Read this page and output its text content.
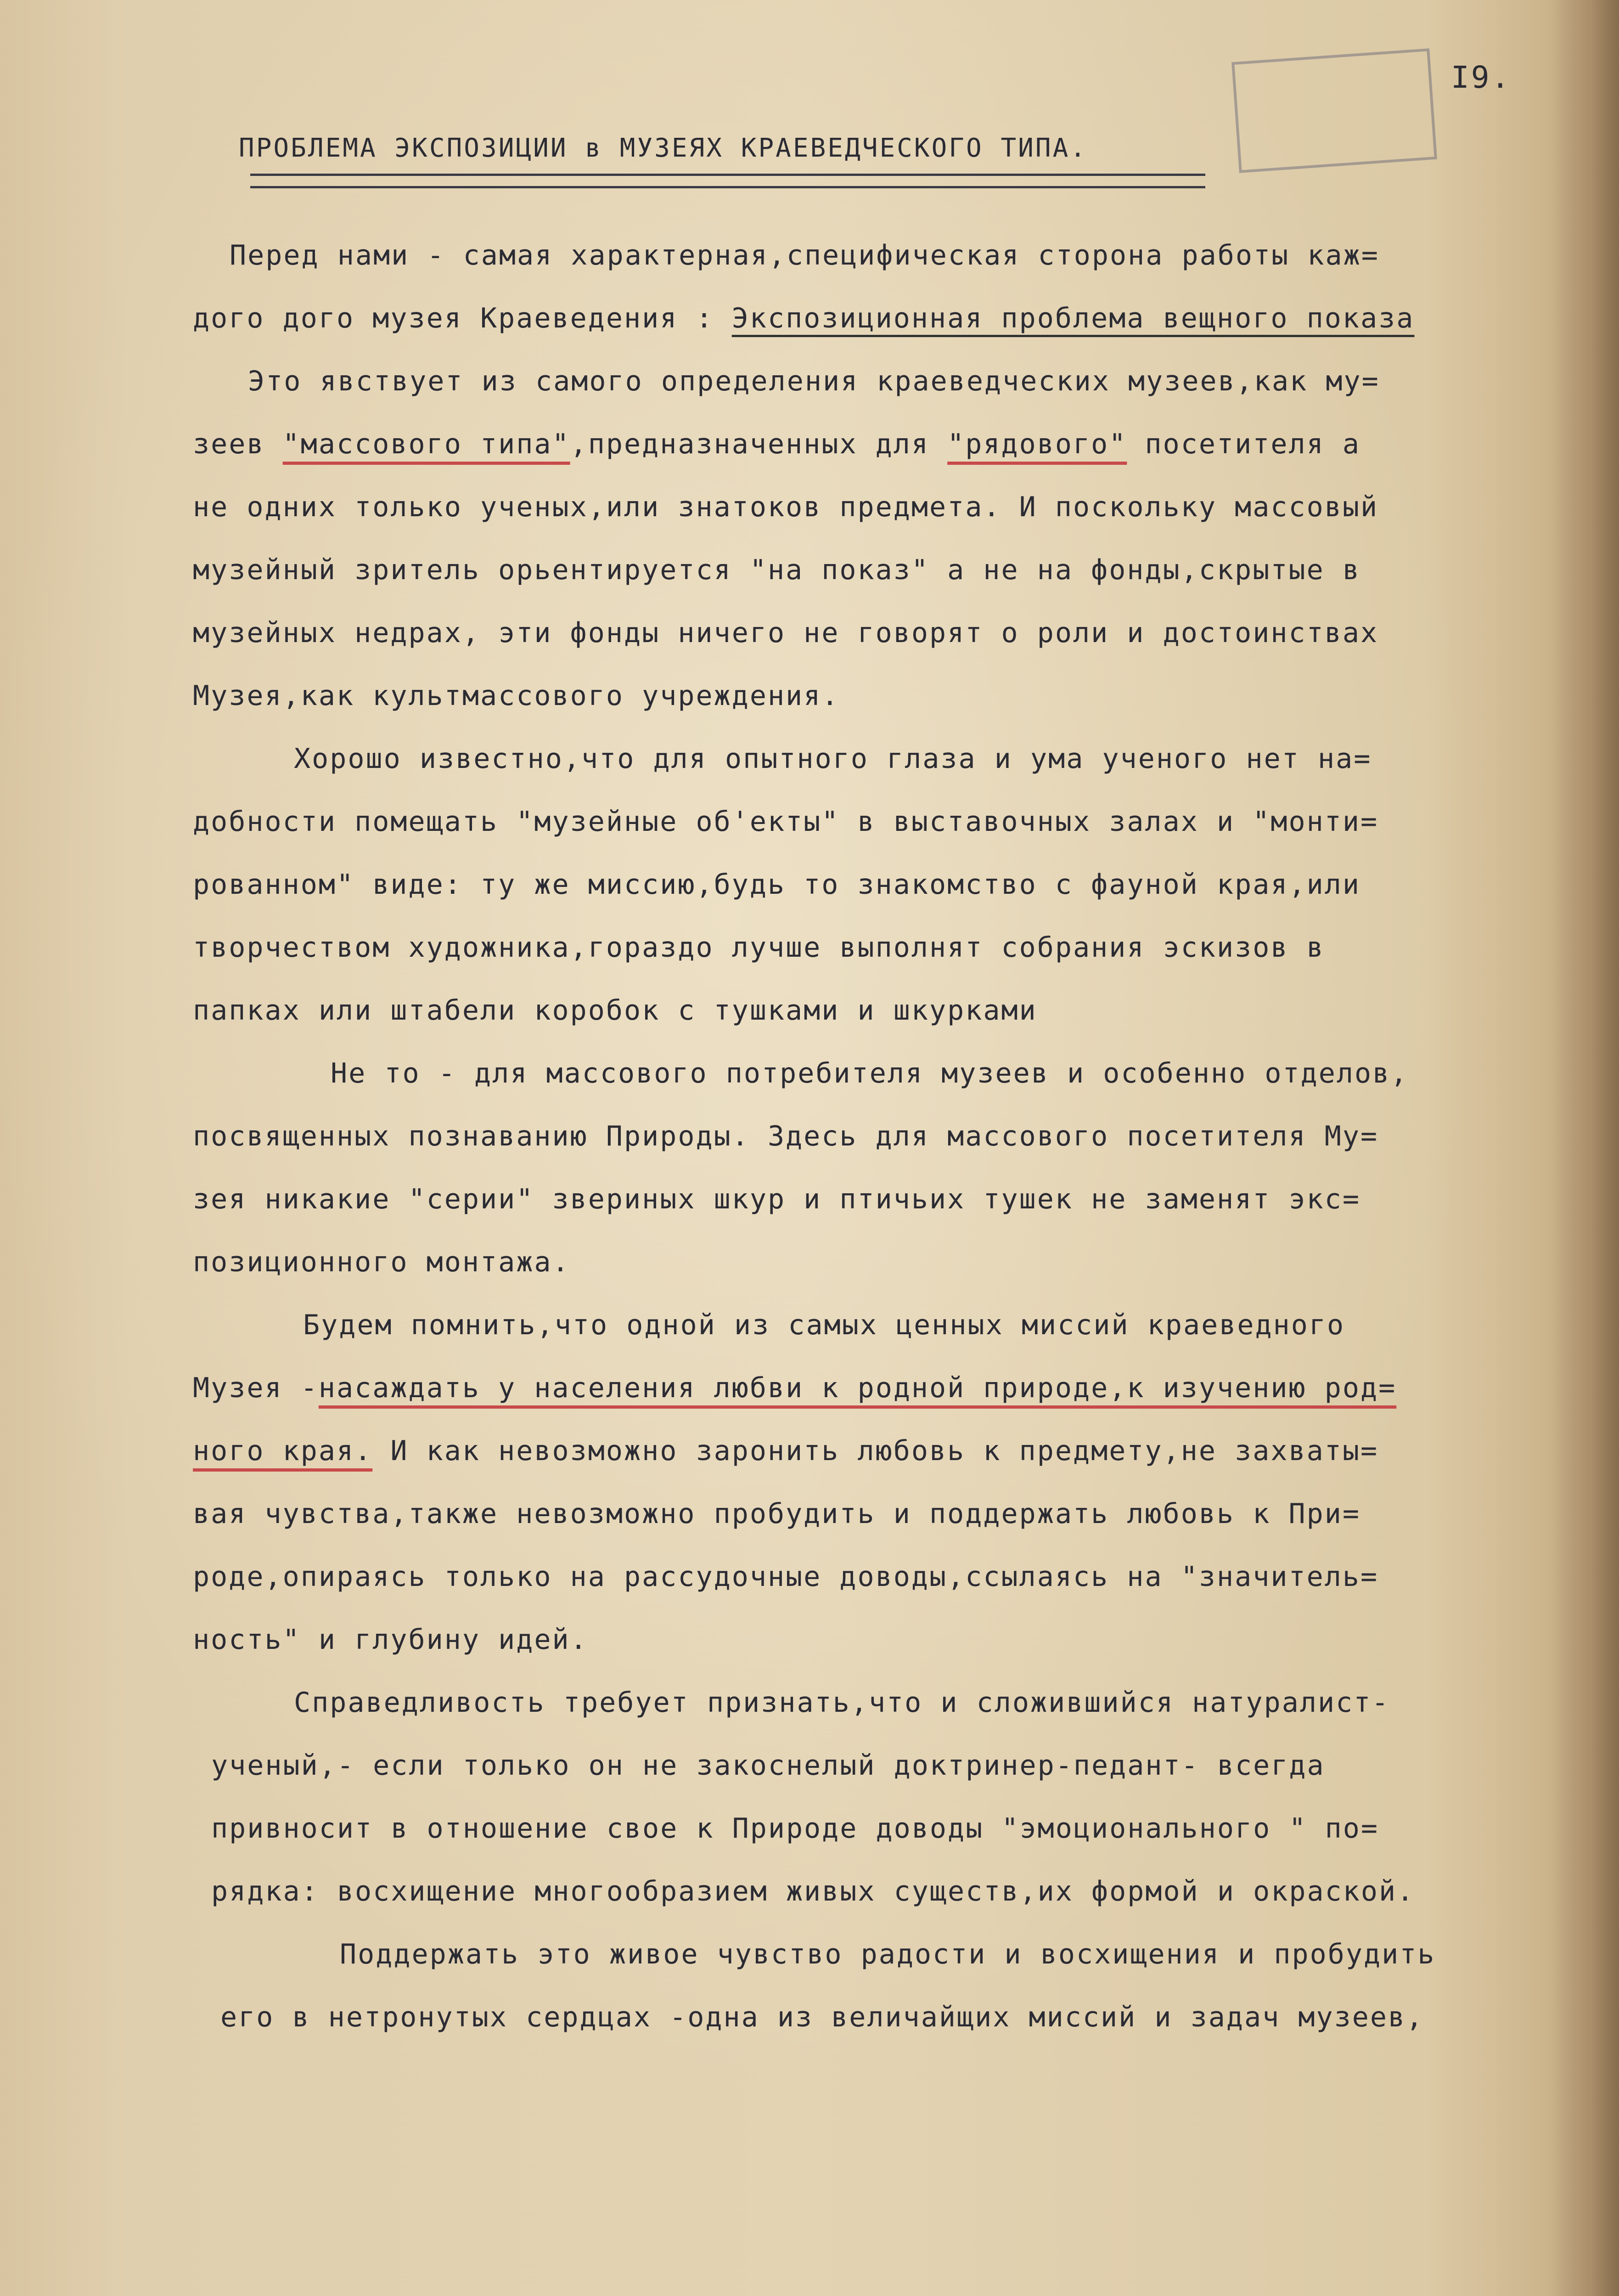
I9.
ПРОБЛЕМА ЭКСПОЗИЦИИ в МУЗЕЯХ КРАЕВЕДЧЕСКОГО ТИПА.
Перед нами - самая характерная,специфическая сторона работы каж=
дого дого музея Краеведения : Экспозиционная проблема вещного показа
Это явствует из самого определения краеведческих музеев,как му=
зеев "массового типа",предназначенных для "рядового" посетителя а
не одних только ученых,или знатоков предмета. И поскольку массовый
музейный зритель орьентируется "на показ" а не на фонды,скрытые в
музейных недрах, эти фонды ничего не говорят о роли и достоинствах
Музея,как культмассового учреждения.
Хорошо известно,что для опытного глаза и ума ученого нет на=
добности помещать "музейные об'екты" в выставочных залах и "монти=
рованном" виде: ту же миссию,будь то знакомство с фауной края,или
творчеством художника,гораздо лучше выполнят собрания эскизов в
папках или штабели коробок с тушками и шкурками
Не то - для массового потребителя музеев и особенно отделов,
посвященных познаванию Природы. Здесь для массового посетителя Му=
зея никакие "серии" звериных шкур и птичьих тушек не заменят экс=
позиционного монтажа.
Будем помнить,что одной из самых ценных миссий краеведного
Музея -насаждать у населения любви к родной природе,к изучению род=
ного края. И как невозможно заронить любовь к предмету,не захваты=
вая чувства,также невозможно пробудить и поддержать любовь к При=
роде,опираясь только на рассудочные доводы,ссылаясь на "значитель=
ность" и глубину идей.
Справедливость требует признать,что и сложившийся натуралист-
ученый,- если только он не закоснелый доктринер-педант- всегда
привносит в отношение свое к Природе доводы "эмоционального " по=
рядка: восхищение многообразием живых существ,их формой и окраской.
Поддержать это живое чувство радости и восхищения и пробудить
его в нетронутых сердцах -одна из величайщих миссий и задач музеев,
